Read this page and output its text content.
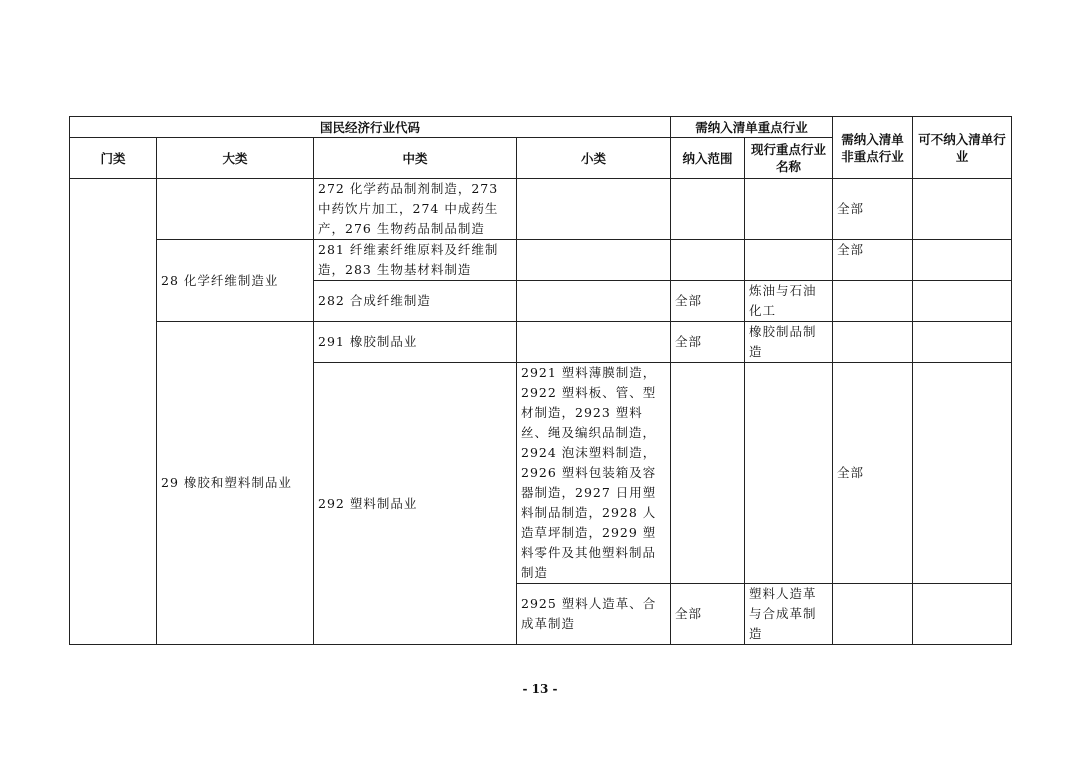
国民经济行业代码				需纳入清单重点行业		需纳入清单非重点行业	可不纳入清单行业
门类	大类	中类	小类	纳入范围	现行重点行业名称		

		272 化学药品制剂制造，273 中药饮片加工，274 中成药生产，276 生物药品制品制造				全部	

	28 化学纤维制造业	281 纤维素纤维原料及纤维制造，283 生物基材料制造				全部	

		282 合成纤维制造		全部	炼油与石油化工		

	29 橡胶和塑料制品业	291 橡胶制品业		全部	橡胶制品制造		

		292 塑料制品业	2921 塑料薄膜制造，2922 塑料板、管、型材制造，2923 塑料丝、绳及编织品制造，2924 泡沫塑料制造，2926 塑料包装箱及容器制造，2927 日用塑料制品制造，2928 人造草坪制造，2929 塑料零件及其他塑料制品制造			全部	

			2925 塑料人造革、合成革制造	全部	塑料人造革与合成革制造		

- 13 -
